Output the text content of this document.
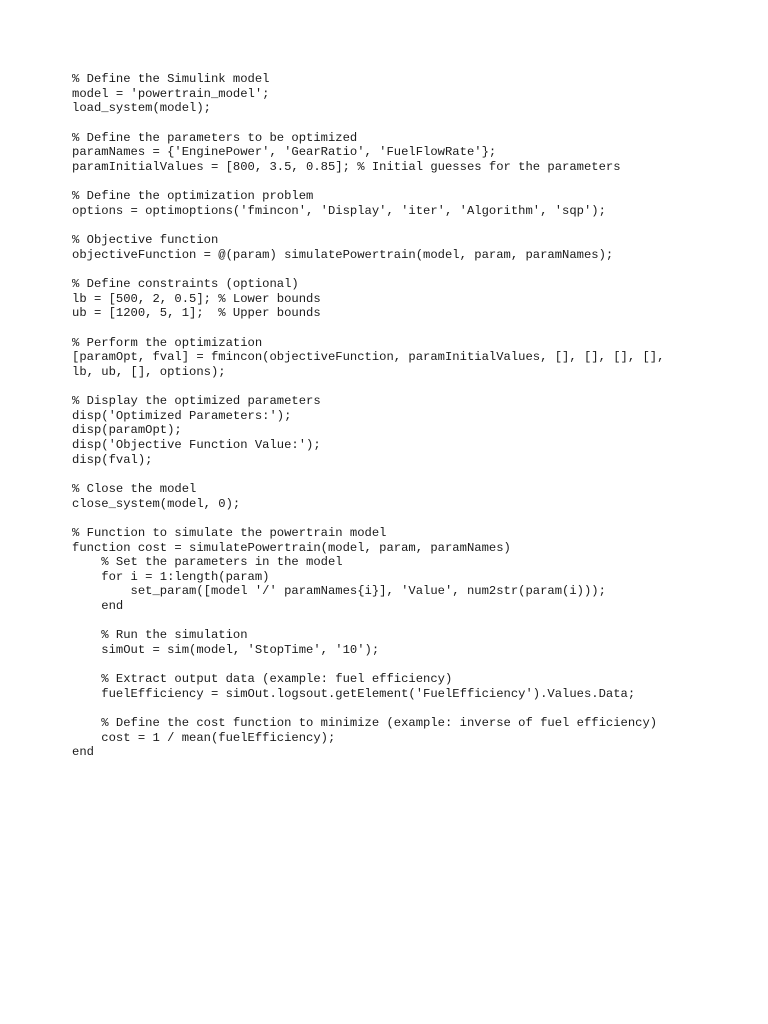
% Define the Simulink model
model = 'powertrain_model';
load_system(model);
% Define the parameters to be optimized
paramNames = {'EnginePower', 'GearRatio', 'FuelFlowRate'};
paramInitialValues = [800, 3.5, 0.85]; % Initial guesses for the parameters
% Define the optimization problem
options = optimoptions('fmincon', 'Display', 'iter', 'Algorithm', 'sqp');
% Objective function
objectiveFunction = @(param) simulatePowertrain(model, param, paramNames);
% Define constraints (optional)
lb = [500, 2, 0.5]; % Lower bounds
ub = [1200, 5, 1];  % Upper bounds
% Perform the optimization
[paramOpt, fval] = fmincon(objectiveFunction, paramInitialValues, [], [], [], [],
lb, ub, [], options);
% Display the optimized parameters
disp('Optimized Parameters:');
disp(paramOpt);
disp('Objective Function Value:');
disp(fval);
% Close the model
close_system(model, 0);
% Function to simulate the powertrain model
function cost = simulatePowertrain(model, param, paramNames)
% Set the parameters in the model
for i = 1:length(param)
set_param([model '/' paramNames{i}], 'Value', num2str(param(i)));
end
% Run the simulation
simOut = sim(model, 'StopTime', '10');
% Extract output data (example: fuel efficiency)
fuelEfficiency = simOut.logsout.getElement('FuelEfficiency').Values.Data;
% Define the cost function to minimize (example: inverse of fuel efficiency)
cost = 1 / mean(fuelEfficiency);
end
